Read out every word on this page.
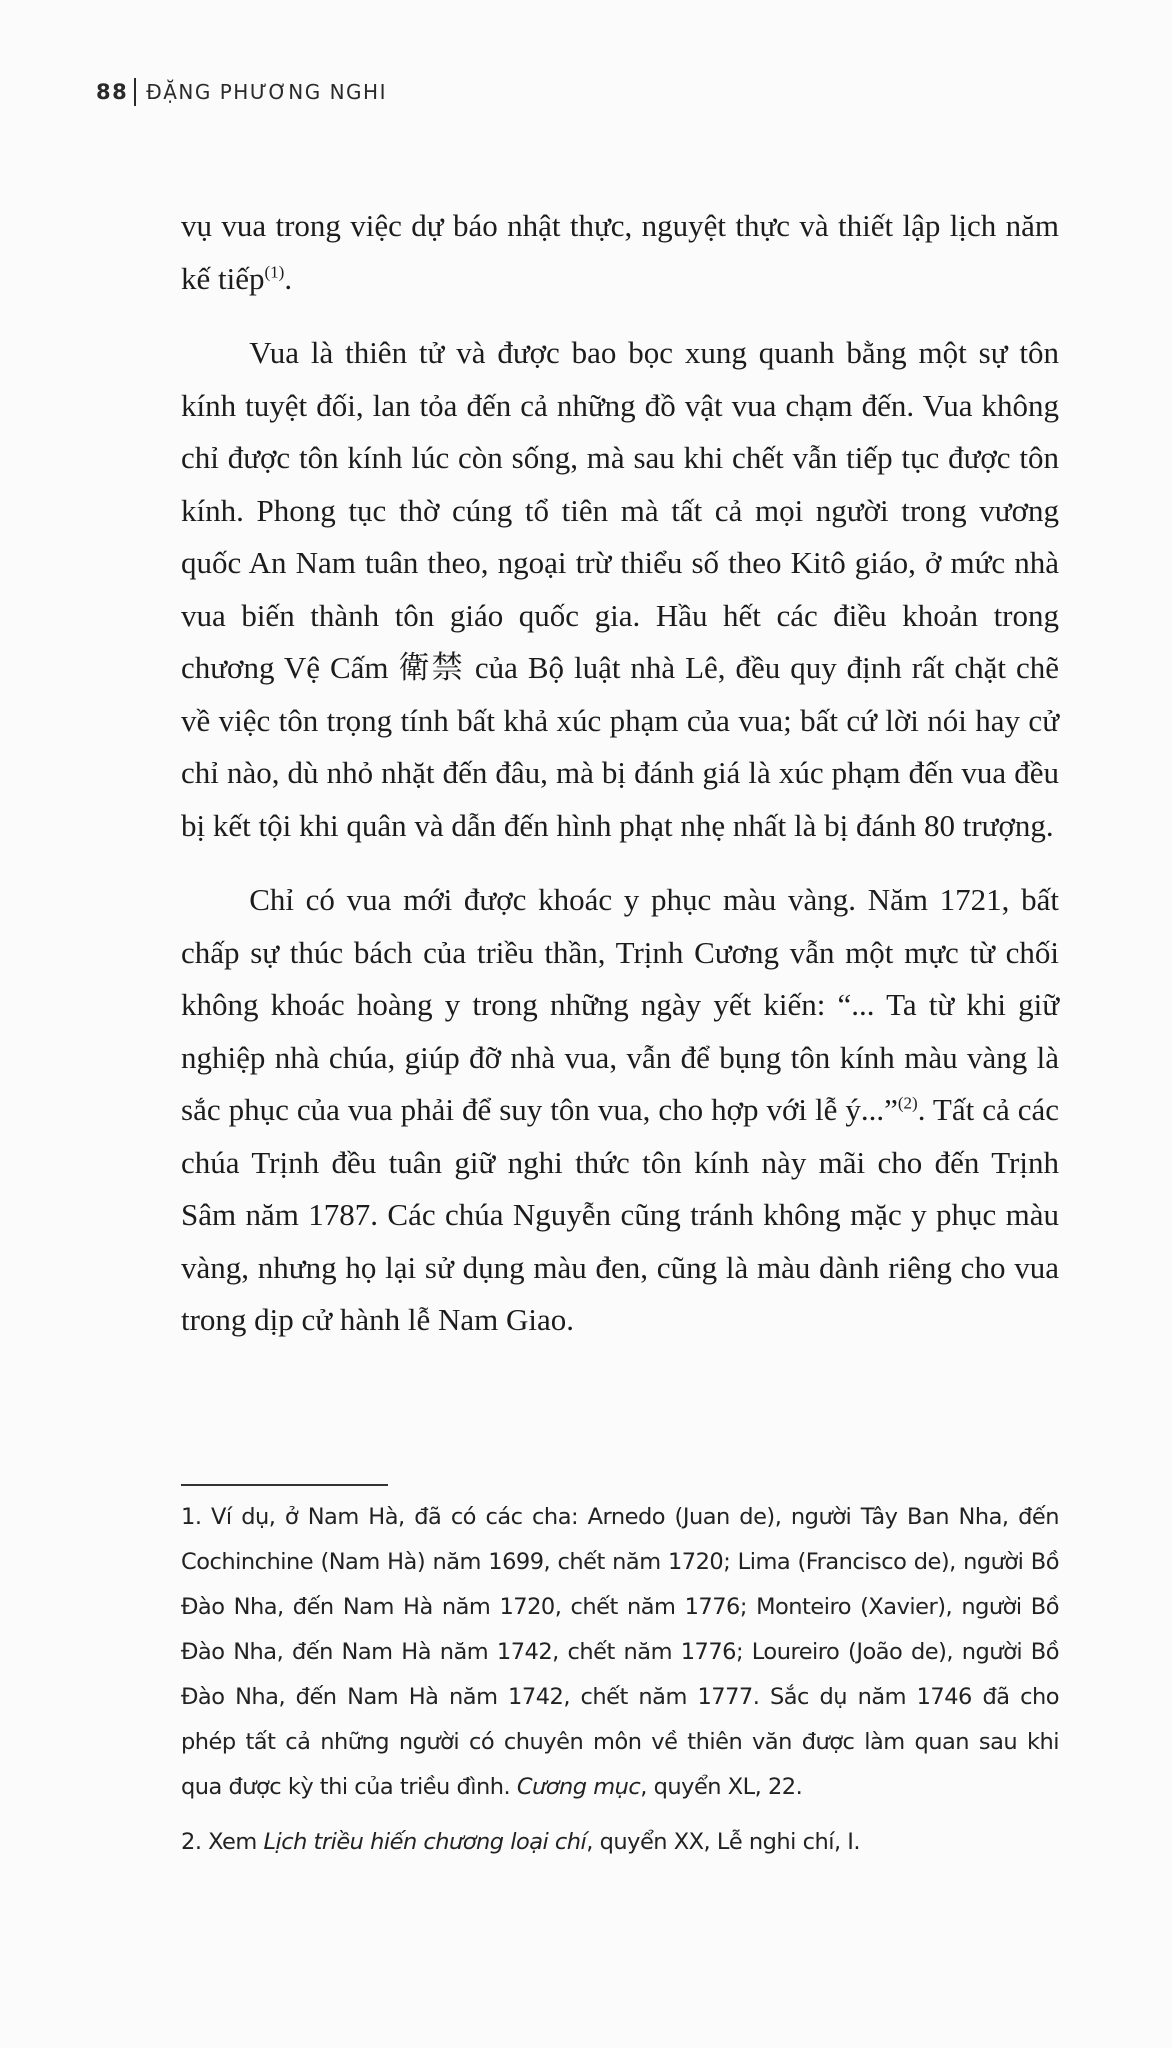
88 ĐẶNG PHƯƠNG NGHI

vụ vua trong việc dự báo nhật thực, nguyệt thực và thiết lập lịch năm kế tiếp$^{(1)}$.

Vua là thiên tử và được bao bọc xung quanh bằng một sự tôn kính tuyệt đối, lan tỏa đến cả những đồ vật vua chạm đến. Vua không chỉ được tôn kính lúc còn sống, mà sau khi chết vẫn tiếp tục được tôn kính. Phong tục thờ cúng tổ tiên mà tất cả mọi người trong vương quốc An Nam tuân theo, ngoại trừ thiểu số theo Kitô giáo, ở mức nhà vua biến thành tôn giáo quốc gia. Hầu hết các điều khoản trong chương Vệ Cấm 衛禁 của Bộ luật nhà Lê, đều quy định rất chặt chẽ về việc tôn trọng tính bất khả xúc phạm của vua; bất cứ lời nói hay cử chỉ nào, dù nhỏ nhặt đến đâu, mà bị đánh giá là xúc phạm đến vua đều bị kết tội khi quân và dẫn đến hình phạt nhẹ nhất là bị đánh 80 trượng.

Chỉ có vua mới được khoác y phục màu vàng. Năm 1721, bất chấp sự thúc bách của triều thần, Trịnh Cương vẫn một mực từ chối không khoác hoàng y trong những ngày yết kiến: “... Ta từ khi giữ nghiệp nhà chúa, giúp đỡ nhà vua, vẫn để bụng tôn kính màu vàng là sắc phục của vua phải để suy tôn vua, cho hợp với lễ ý...”$^{(2)}$. Tất cả các chúa Trịnh đều tuân giữ nghi thức tôn kính này mãi cho đến Trịnh Sâm năm 1787. Các chúa Nguyễn cũng tránh không mặc y phục màu vàng, nhưng họ lại sử dụng màu đen, cũng là màu dành riêng cho vua trong dịp cử hành lễ Nam Giao.

1. Ví dụ, ở Nam Hà, đã có các cha: Arnedo (Juan de), người Tây Ban Nha, đến Cochinchine (Nam Hà) năm 1699, chết năm 1720; Lima (Francisco de), người Bồ Đào Nha, đến Nam Hà năm 1720, chết năm 1776; Monteiro (Xavier), người Bồ Đào Nha, đến Nam Hà năm 1742, chết năm 1776; Loureiro (João de), người Bồ Đào Nha, đến Nam Hà năm 1742, chết năm 1777. Sắc dụ năm 1746 đã cho phép tất cả những người có chuyên môn về thiên văn được làm quan sau khi qua được kỳ thi của triều đình. Cương mục, quyển XL, 22.

2. Xem Lịch triều hiến chương loại chí, quyển XX, Lễ nghi chí, I.
